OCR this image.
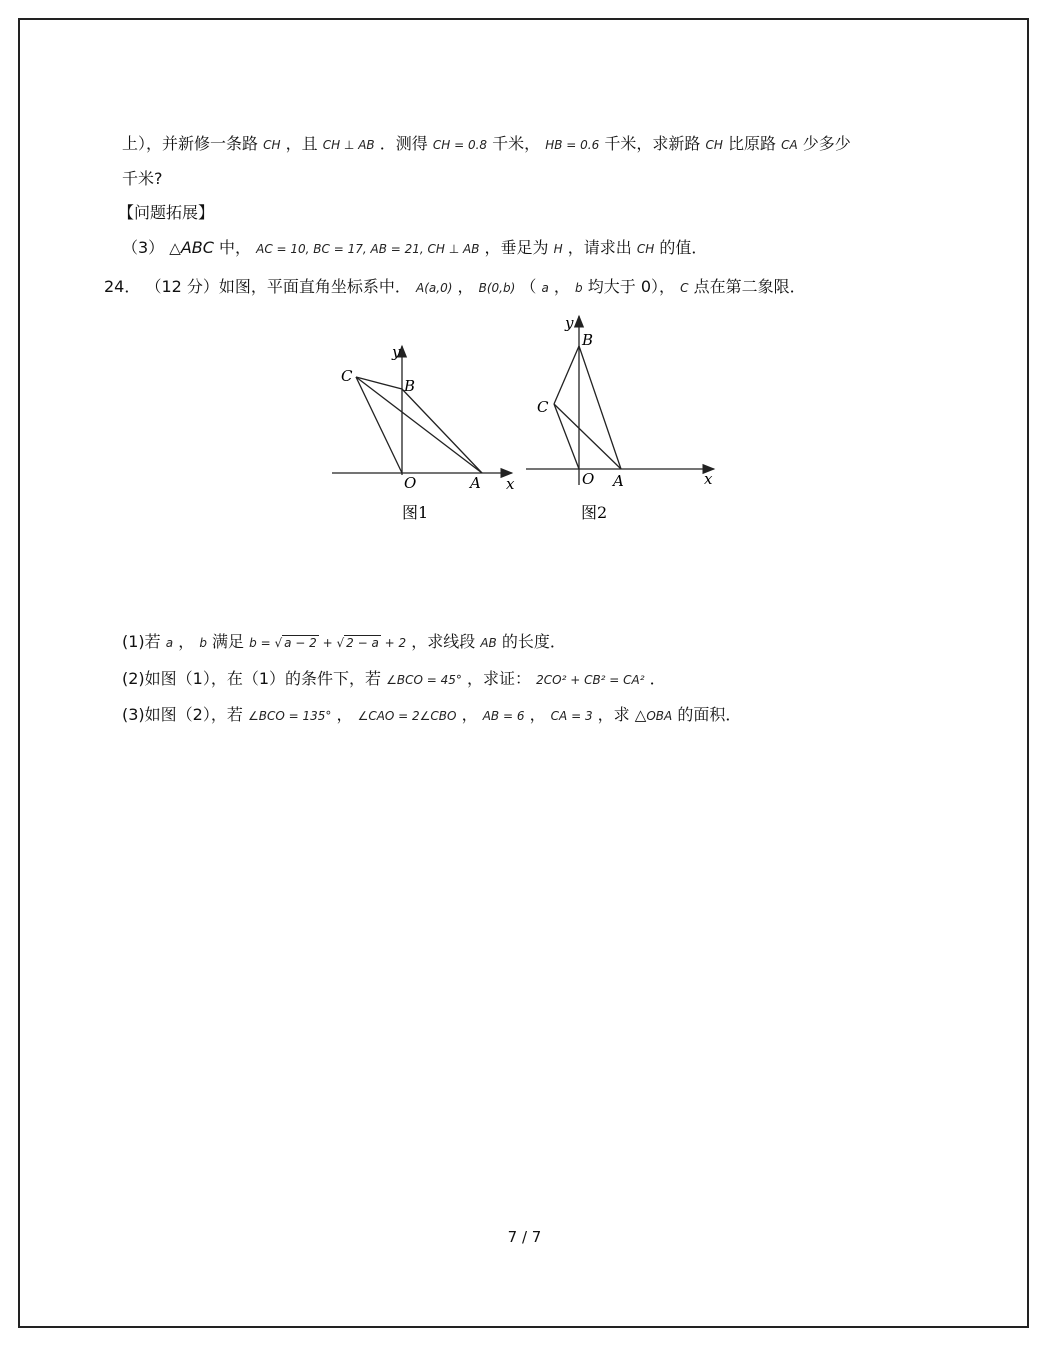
上），并新修一条路 CH ，且 CH ⊥ AB ．测得 CH = 0.8 千米， HB = 0.6 千米，求新路 CH 比原路 CA 少多少
千米?
【问题拓展】
（3） △ABC 中， AC = 10, BC = 17, AB = 21, CH ⊥ AB ，垂足为 H ，请求出 CH 的值．
24． （12 分）如图，平面直角坐标系中． A(a,0) ， B(0,b) （ a ， b 均大于 0）， C 点在第二象限．
y
x
O	A
B
C
图1
y
x
O A
B
C
图2
(1)若 a ， b 满足 b = √ a − 2 + √ 2 − a + 2 ，求线段 AB 的长度．
(2)如图（1），在（1）的条件下，若 ∠BCO = 45° ，求证： 2CO² + CB² = CA² ．
(3)如图（2），若 ∠BCO = 135° ， ∠CAO = 2∠CBO ， AB = 6 ， CA = 3 ，求 △OBA 的面积．
7 / 7
